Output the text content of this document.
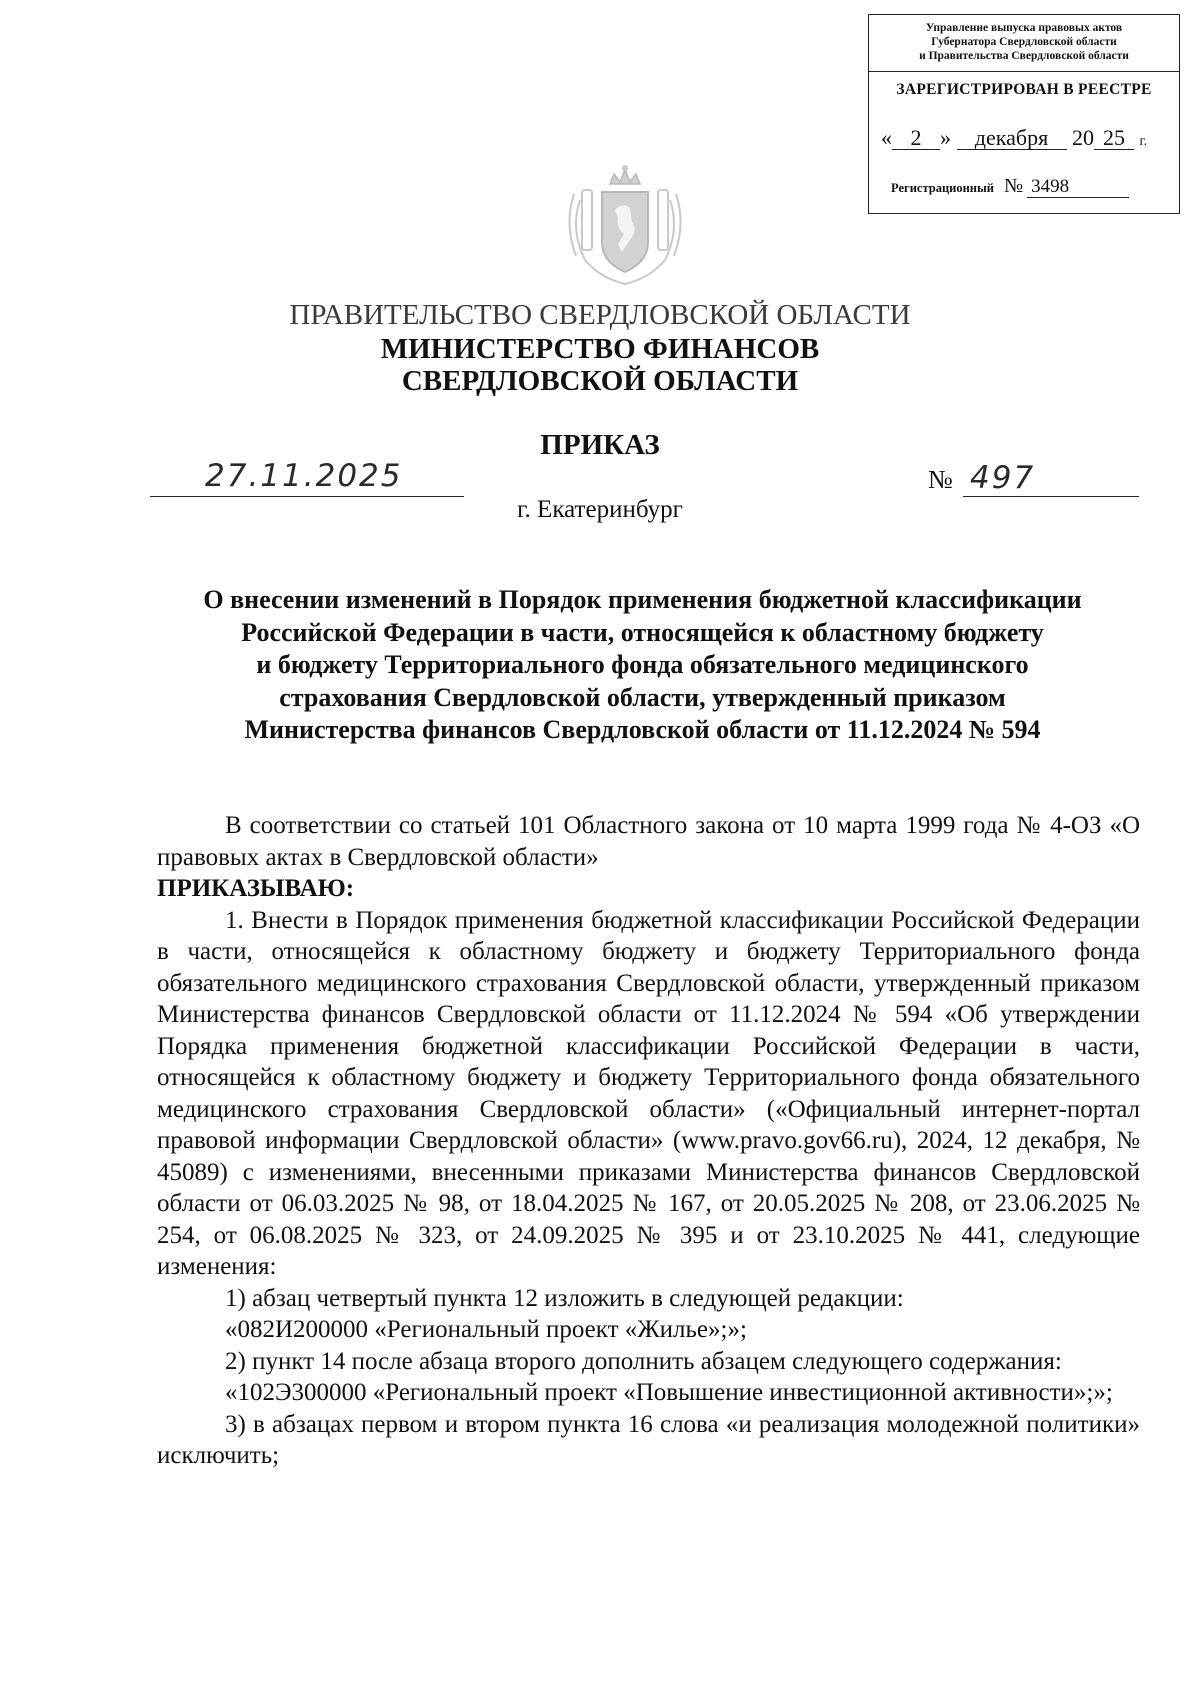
Управление выпуска правовых актов
Губернатора Свердловской области
и Правительства Свердловской области
ЗАРЕГИСТРИРОВАН В РЕЕСТРЕ
« 2 » декабря 20 25 г.
Регистрационный № 3498
ПРАВИТЕЛЬСТВО СВЕРДЛОВСКОЙ ОБЛАСТИ
МИНИСТЕРСТВО ФИНАНСОВ
СВЕРДЛОВСКОЙ ОБЛАСТИ
ПРИКАЗ
27.11.2025	№ 497
г. Екатеринбург
О внесении изменений в Порядок применения бюджетной классификации
Российской Федерации в части, относящейся к областному бюджету
и бюджету Территориального фонда обязательного медицинского
страхования Свердловской области, утвержденный приказом
Министерства финансов Свердловской области от 11.12.2024 № 594

В соответствии со статьей 101 Областного закона от 10 марта 1999 года № 4-ОЗ «О правовых актах в Свердловской области»

ПРИКАЗЫВАЮ:

1. Внести в Порядок применения бюджетной классификации Российской Федерации в части, относящейся к областному бюджету и бюджету Территориального фонда обязательного медицинского страхования Свердловской области, утвержденный приказом Министерства финансов Свердловской области от 11.12.2024 № 594 «Об утверждении Порядка применения бюджетной классификации Российской Федерации в части, относящейся к областному бюджету и бюджету Территориального фонда обязательного медицинского страхования Свердловской области» («Официальный интернет-портал правовой информации Свердловской области» (www.pravo.gov66.ru), 2024, 12 декабря, № 45089) с изменениями, внесенными приказами Министерства финансов Свердловской области от 06.03.2025 № 98, от 18.04.2025 № 167, от 20.05.2025 № 208, от 23.06.2025 № 254, от 06.08.2025 № 323, от 24.09.2025 № 395 и от 23.10.2025 № 441, следующие изменения:

1) абзац четвертый пункта 12 изложить в следующей редакции:

«082И200000 «Региональный проект «Жилье»;»;

2) пункт 14 после абзаца второго дополнить абзацем следующего содержания:

«102Э300000 «Региональный проект «Повышение инвестиционной активности»;»;

3) в абзацах первом и втором пункта 16 слова «и реализация молодежной политики» исключить;
